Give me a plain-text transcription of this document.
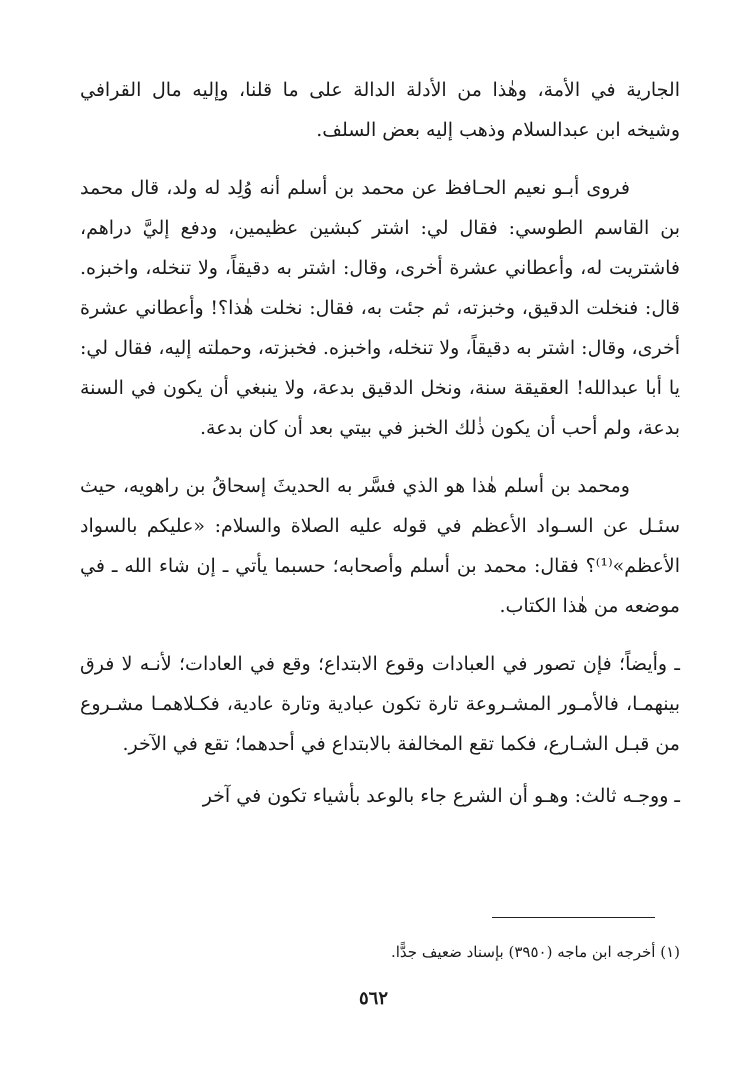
الجارية في الأمة، وهٰذا من الأدلة الدالة على ما قلنا، وإليه مال القرافي وشيخه ابن عبدالسلام وذهب إليه بعض السلف.

فروى أبـو نعيم الحـافظ عن محمد بن أسلم أنه وُلِد له ولد، قال محمد بن القاسم الطوسي: فقال لي: اشتر كبشين عظيمين، ودفع إليَّ دراهم، فاشتريت له، وأعطاني عشرة أخرى، وقال: اشتر به دقيقاً، ولا تنخله، واخبزه. قال: فنخلت الدقيق، وخبزته، ثم جئت به، فقال: نخلت هٰذا؟! وأعطاني عشرة أخرى، وقال: اشتر به دقيقاً، ولا تنخله، واخبزه. فخبزته، وحملته إليه، فقال لي: يا أبا عبدالله! العقيقة سنة، ونخل الدقيق بدعة، ولا ينبغي أن يكون في السنة بدعة، ولم أحب أن يكون ذٰلك الخبز في بيتي بعد أن كان بدعة.

ومحمد بن أسلم هٰذا هو الذي فسَّر به الحديثَ إسحاقُ بن راهويه، حيث سئـل عن السـواد الأعظم في قوله عليه الصلاة والسلام: «عليكم بالسواد الأعظم»⁽¹⁾؟ فقال: محمد بن أسلم وأصحابه؛ حسبما يأتي ـ إن شاء الله ـ في موضعه من هٰذا الكتاب.

ـ وأيضاً؛ فإن تصور في العبادات وقوع الابتداع؛ وقع في العادات؛ لأنـه لا فرق بينهمـا، فالأمـور المشـروعة تارة تكون عبادية وتارة عادية، فكـلاهمـا مشـروع من قبـل الشـارع، فكما تقع المخالفة بالابتداع في أحدهما؛ تقع في الآخر.

ـ ووجـه ثالث: وهـو أن الشرع جاء بالوعد بأشياء تكون في آخر

(١) أخرجه ابن ماجه (٣٩٥٠) بإسناد ضعيف جدًّا.
٥٦٢
